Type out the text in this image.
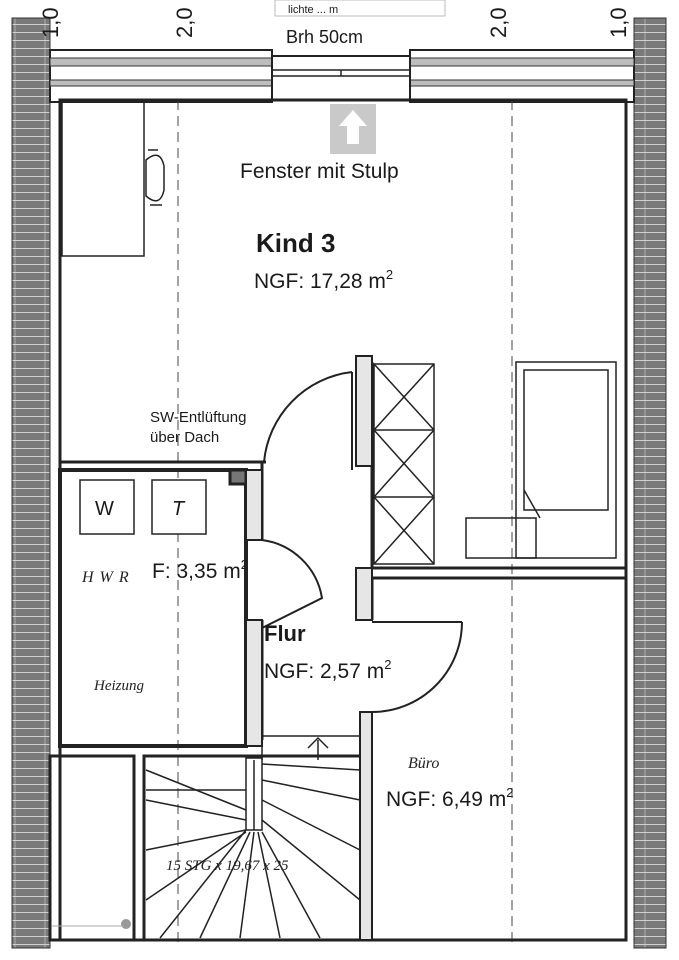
lichte ... m
Brh 50cm
1,0	2,0	2,0	1,0
W	T
Fenster mit Stulp
Kind 3
NGF: 17,28 $m^2$
SW-Entlüftung
über Dach
HWR F: 3,35 $m^2$
Heizung
Flur
NGF: 2,57 $m^2$
Büro
NGF: 6,49 $m^2$
15 STG x 19,67 x 25
